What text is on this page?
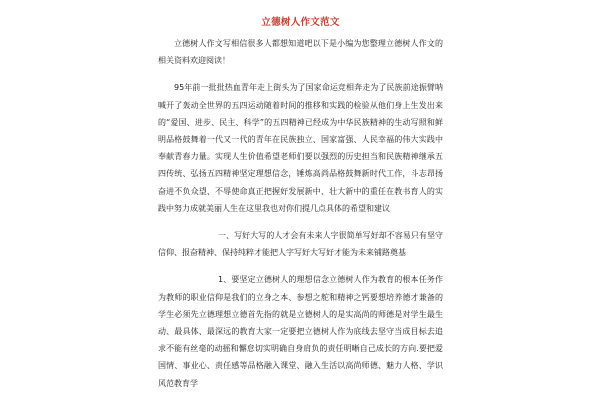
立德树人作文范文

立德树人作文写相信很多人都想知道吧以下是小编为您整理立德树人作文的相关资料欢迎阅读！

95年前一批批热血青年走上街头为了国家命运竞相奔走为了民族前途振臂呐喊开了轰动全世界的五四运动随着时间的推移和实践的检验从他们身上生发出来的“爱国、进步、民主、科学”的五四精神已经成为中华民族精神的生动写照和鲜明品格鼓舞着一代又一代的青年在民族独立、国家富强、人民幸福的伟大实践中奉献青春力量。实现人生价值希望老师们要以强烈的历史担当和民族精神继承五四传统、弘扬五四精神坚定理想信念，锤炼高尚品格鼓舞新时代工作，斗志昂扬奋进不负众望、不辱使命真正把握好发展新中、壮大新中的重任在教书育人的实践中努力成就美丽人生在这里我也对你们提几点具体的希望和建议

一、写好大写的人才会有未来人字很简单写好却不容易只有坚守信仰、报奋精神、保持纯粹才能把人字写好大写好才能为未来铺路奠基

1、要坚定立德树人的理想信念立德树人作为教育的根本任务作为教师的职业信仰是我们的立身之本、参想之舵和精神之钙要想培养德才兼备的学生必须先立德理想立德首先指的就是立德树人的是实高尚的师德是对学生最生动、最具体、最深远的教育大家一定要把立德树人作为底线去坚守当成目标去追求不能有丝毫的动摇和懈怠切实明确自身肩负的责任明晰自己成长的方向.要把爱国情、事业心、责任感等品格融入课堂、融入生活以高尚师德、魅力人格、学识风范教育学
